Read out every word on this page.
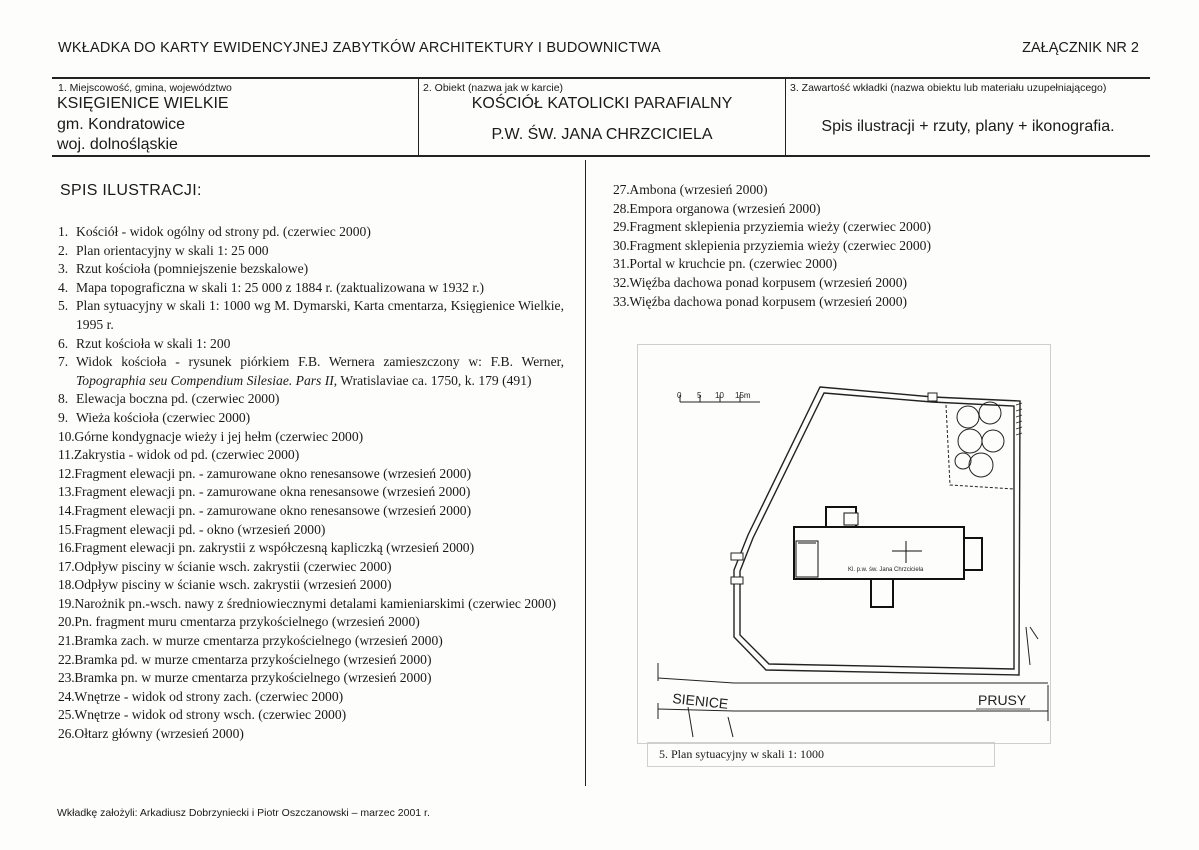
WKŁADKA DO KARTY EWIDENCYJNEJ ZABYTKÓW ARCHITEKTURY I BUDOWNICTWA	ZAŁĄCZNIK NR 2
1. Miejscowość, gmina, województwo
KSIĘGIENICE WIELKIE
gm. Kondratowice
woj. dolnośląskie
2. Obiekt (nazwa jak w karcie)
KOŚCIÓŁ KATOLICKI PARAFIALNY
P.W. ŚW. JANA CHRZCICIELA
3. Zawartość wkładki (nazwa obiektu lub materiału uzupełniającego)
Spis ilustracji + rzuty, plany + ikonografia.
SPIS ILUSTRACJI:
1. Kościół - widok ogólny od strony pd. (czerwiec 2000)
2. Plan orientacyjny w skali 1: 25 000
3. Rzut kościoła (pomniejszenie bezskalowe)
4. Mapa topograficzna w skali 1: 25 000 z 1884 r. (zaktualizowana w 1932 r.)
5. Plan sytuacyjny w skali 1: 1000 wg M. Dymarski, Karta cmentarza, Księgienice Wielkie, 1995 r.
6. Rzut kościoła w skali 1: 200
7. Widok kościoła - rysunek piórkiem F.B. Wernera zamieszczony w: F.B. Werner, Topographia seu Compendium Silesiae. Pars II, Wratislaviae ca. 1750, k. 179 (491)
8. Elewacja boczna pd. (czerwiec 2000)
9. Wieża kościoła (czerwiec 2000)
10.Górne kondygnacje wieży i jej hełm (czerwiec 2000)
11.Zakrystia - widok od pd. (czerwiec 2000)
12.Fragment elewacji pn. - zamurowane okno renesansowe (wrzesień 2000)
13.Fragment elewacji pn. - zamurowane okna renesansowe (wrzesień 2000)
14.Fragment elewacji pn. - zamurowane okno renesansowe (wrzesień 2000)
15.Fragment elewacji pd. - okno (wrzesień 2000)
16.Fragment elewacji pn. zakrystii z współczesną kapliczką (wrzesień 2000)
17.Odpływ pisciny w ścianie wsch. zakrystii (czerwiec 2000)
18.Odpływ pisciny w ścianie wsch. zakrystii (wrzesień 2000)
19.Narożnik pn.-wsch. nawy z średniowiecznymi detalami kamieniarskimi (czerwiec 2000)
20.Pn. fragment muru cmentarza przykościelnego (wrzesień 2000)
21.Bramka zach. w murze cmentarza przykościelnego (wrzesień 2000)
22.Bramka pd. w murze cmentarza przykościelnego (wrzesień 2000)
23.Bramka pn. w murze cmentarza przykościelnego (wrzesień 2000)
24.Wnętrze - widok od strony zach. (czerwiec 2000)
25.Wnętrze - widok od strony wsch. (czerwiec 2000)
26.Ołtarz główny (wrzesień 2000)
27.Ambona (wrzesień 2000)
28.Empora organowa (wrzesień 2000)
29.Fragment sklepienia przyziemia wieży (czerwiec 2000)
30.Fragment sklepienia przyziemia wieży (czerwiec 2000)
31.Portal w kruchcie pn. (czerwiec 2000)
32.Więźba dachowa ponad korpusem (wrzesień 2000)
33.Więźba dachowa ponad korpusem (wrzesień 2000)
0 5 10 15m
Kl. p.w. św. Jana Chrzciciela
SIENICE	PRUSY
5. Plan sytuacyjny w skali 1: 1000
Wkładkę założyli: Arkadiusz Dobrzyniecki i Piotr Oszczanowski – marzec 2001 r.
